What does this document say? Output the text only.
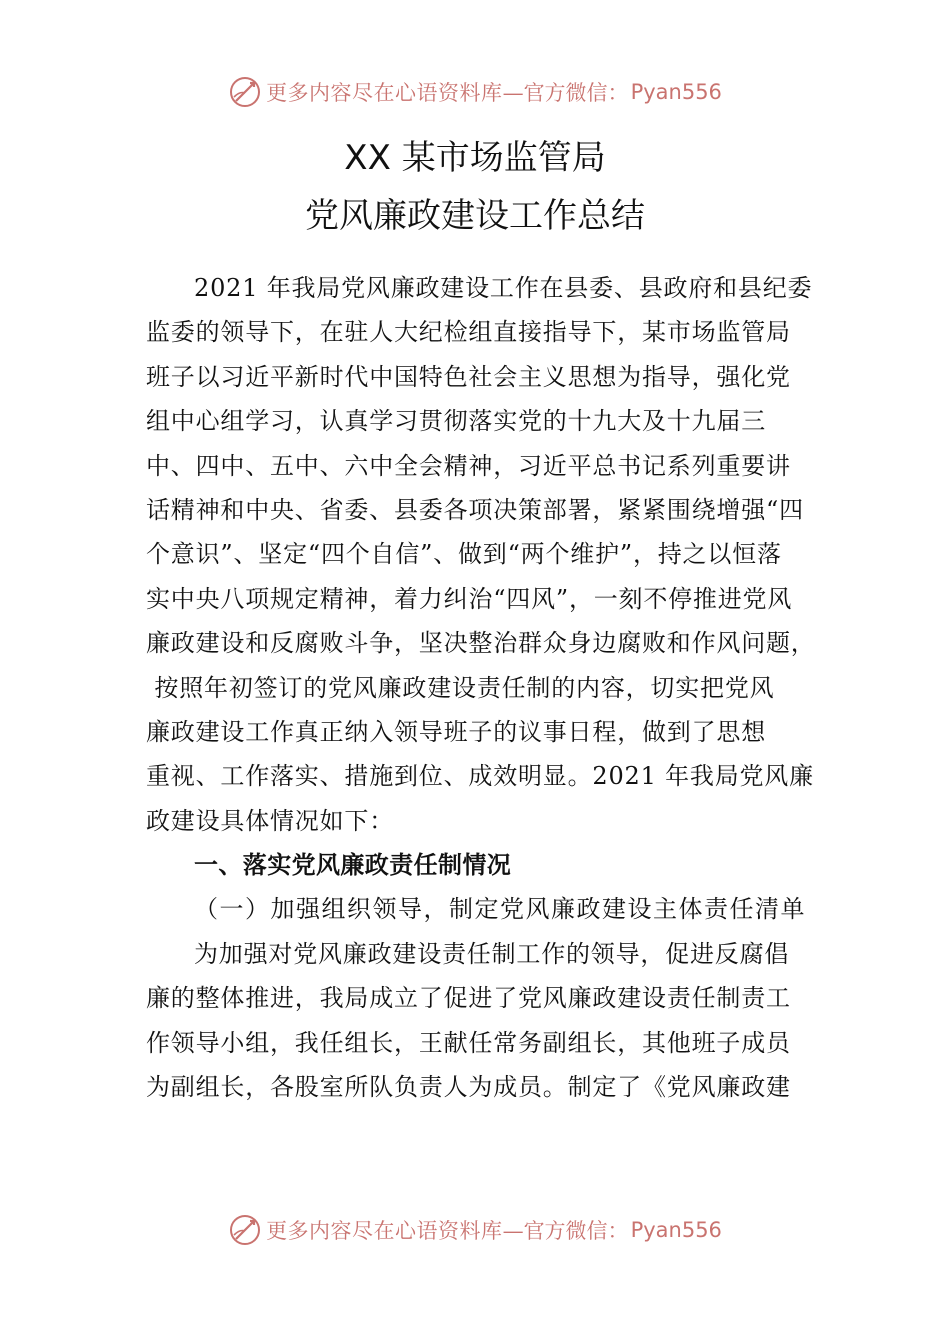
更多内容尽在心语资料库 —官方微信： Pyan556
XX 某市场监管局
党风廉政建设工作总结
2021 年我局党风廉政建设工作在县委、县政府和县纪委
监委的领导下，在驻人大纪检组直接指导下，某市场监管局
班子以习近平新时代中国特色社会主义思想为指导，强化党
组中心组学习，认真学习贯彻落实党的十九大及十九届三
中、四中、五中、六中全会精神，习近平总书记系列重要讲
话精神和中央、省委、县委各项决策部署，紧紧围绕增强“四
个意识”、坚定“四个自信”、做到“两个维护”，持之以恒落
实中央八项规定精神，着力纠治“四风”，一刻不停推进党风
廉政建设和反腐败斗争，坚决整治群众身边腐败和作风问题，
按照年初签订的党风廉政建设责任制的内容，切实把党风
廉政建设工作真正纳入领导班子的议事日程，做到了思想
重视、工作落实、措施到位、成效明显。2021 年我局党风廉
政建设具体情况如下：
一、落实党风廉政责任制情况
（一）加强组织领导，制定党风廉政建设主体责任清单
为加强对党风廉政建设责任制工作的领导，促进反腐倡
廉的整体推进，我局成立了促进了党风廉政建设责任制责工
作领导小组，我任组长，王献任常务副组长，其他班子成员
为副组长，各股室所队负责人为成员。制定了《党风廉政建
更多内容尽在心语资料库 —官方微信： Pyan556
